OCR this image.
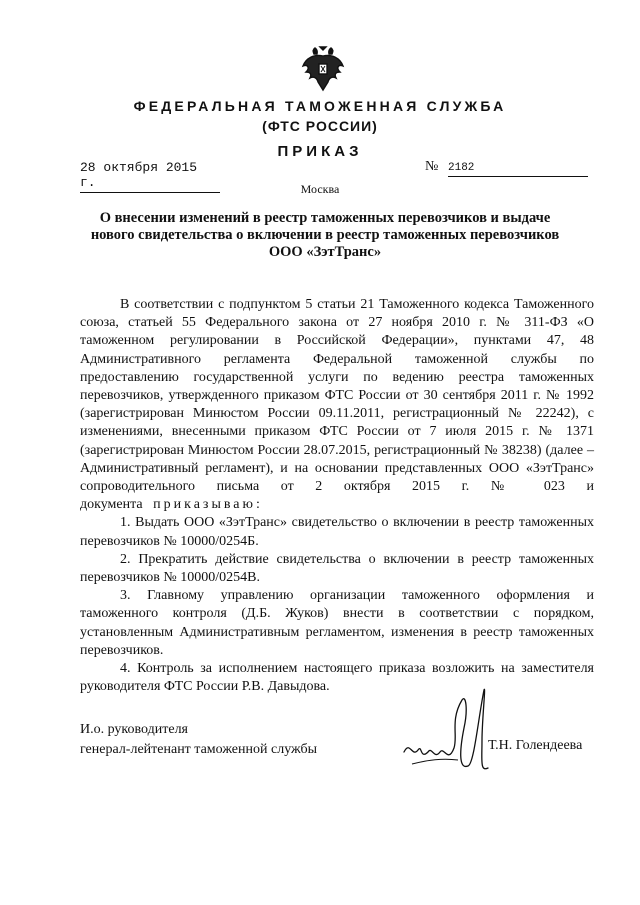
ФЕДЕРАЛЬНАЯ ТАМОЖЕННАЯ СЛУЖБА
(ФТС РОССИИ)
ПРИКАЗ
28 октября 2015 г.
№ 2182
Москва
О внесении изменений в реестр таможенных перевозчиков и выдаче нового свидетельства о включении в реестр таможенных перевозчиков ООО «ЗэтТранс»

В соответствии с подпунктом 5 статьи 21 Таможенного кодекса Таможенного союза, статьей 55 Федерального закона от 27 ноября 2010 г. № 311-ФЗ «О таможенном регулировании в Российской Федерации», пунктами 47, 48 Административного регламента Федеральной таможенной службы по предоставлению государственной услуги по ведению реестра таможенных перевозчиков, утвержденного приказом ФТС России от 30 сентября 2011 г. № 1992 (зарегистрирован Минюстом России 09.11.2011, регистрационный № 22242), с изменениями, внесенными приказом ФТС России от 7 июля 2015 г. № 1371 (зарегистрирован Минюстом России 28.07.2015, регистрационный № 38238) (далее – Административный регламент), и на основании представленных ООО «ЗэтТранс» сопроводительного письма от 2 октября 2015 г. № 023 и документа приказываю:

1. Выдать ООО «ЗэтТранс» свидетельство о включении в реестр таможенных перевозчиков № 10000/0254Б.

2. Прекратить действие свидетельства о включении в реестр таможенных перевозчиков № 10000/0254В.

3. Главному управлению организации таможенного оформления и таможенного контроля (Д.Б. Жуков) внести в соответствии с порядком, установленным Административным регламентом, изменения в реестр таможенных перевозчиков.

4. Контроль за исполнением настоящего приказа возложить на заместителя руководителя ФТС России Р.В. Давыдова.

И.о. руководителя
генерал-лейтенант таможенной службы	Т.Н. Голендеева
